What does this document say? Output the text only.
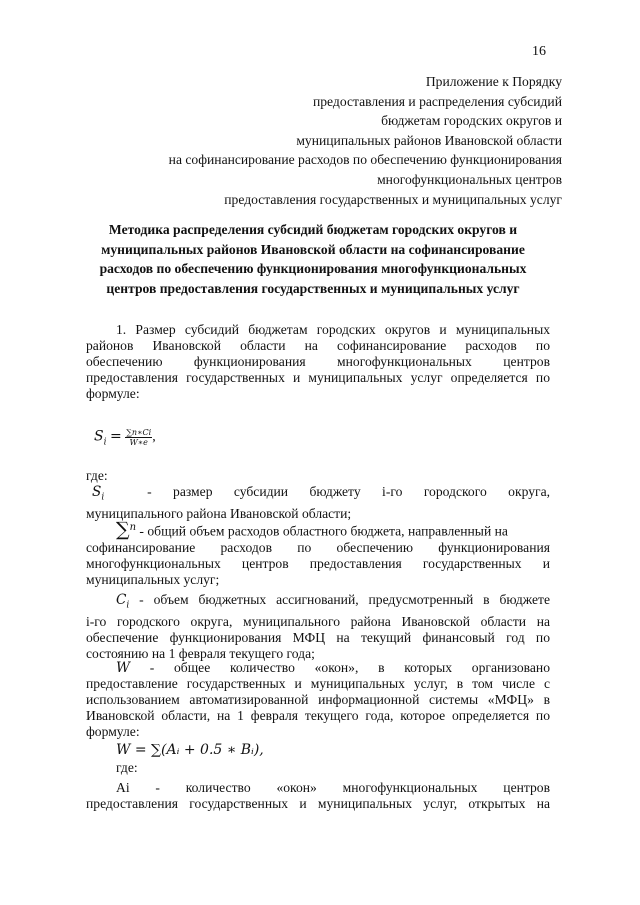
16
Приложение к Порядку
предоставления и распределения субсидий
бюджетам городских округов и
муниципальных районов Ивановской области
на софинансирование расходов по обеспечению функционирования
многофункциональных центров
предоставления государственных и муниципальных услуг
Методика распределения субсидий бюджетам городских округов и
муниципальных районов Ивановской области на софинансирование
расходов по обеспечению функционирования многофункциональных
центров предоставления государственных и муниципальных услуг
1. Размер субсидий бюджетам городских округов и муниципальных
районов Ивановской области на софинансирование расходов по
обеспечению функционирования многофункциональных центров
предоставления государственных и муниципальных услуг определяется по
формуле:
$S_i = \frac{\sum n∗Ci}{W∗e}$ ,
где:
$S_i$	- размер субсидии бюджету i-го городского округа,
муниципального района Ивановской области;
∑$^n$ - общий объем расходов областного бюджета, направленный на
софинансирование расходов по обеспечению функционирования
многофункциональных центров предоставления государственных и
муниципальных услуг;
$C_i$ - объем бюджетных ассигнований, предусмотренный в бюджете
i-го городского округа, муниципального района Ивановской области на
обеспечение функционирования МФЦ на текущий финансовый год по
состоянию на 1 февраля текущего года;
W - общее количество «окон», в которых организовано
предоставление государственных и муниципальных услуг, в том числе с
использованием автоматизированной информационной системы «МФЦ» в
Ивановской области, на 1 февраля текущего года, которое определяется по
формуле:
W = ∑(Aᵢ + 0.5 ∗ Bᵢ),
где:
Ai - количество «окон» многофункциональных центров
предоставления государственных и муниципальных услуг, открытых на
